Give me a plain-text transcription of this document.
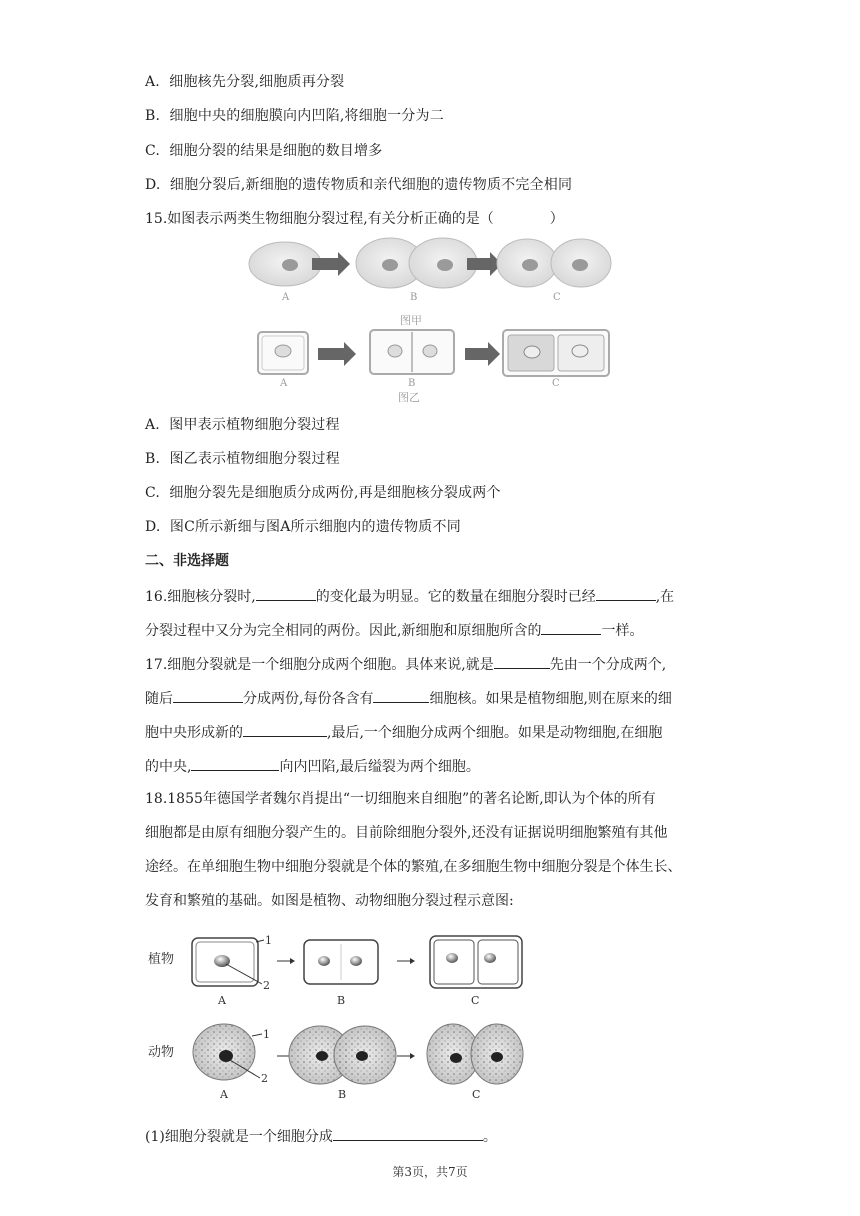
A. 细胞核先分裂,细胞质再分裂
B. 细胞中央的细胞膜向内凹陷,将细胞一分为二
C. 细胞分裂的结果是细胞的数目增多
D. 细胞分裂后,新细胞的遗传物质和亲代细胞的遗传物质不完全相同
15.如图表示两类生物细胞分裂过程,有关分析正确的是（　　　　）
A	B	C
图甲
A	B	C
图乙
A. 图甲表示植物细胞分裂过程
B. 图乙表示植物细胞分裂过程
C. 细胞分裂先是细胞质分成两份,再是细胞核分裂成两个
D. 图C所示新细与图A所示细胞内的遗传物质不同
二、非选择题
16.细胞核分裂时,	的变化最为明显。它的数量在细胞分裂时已经	,在
分裂过程中又分为完全相同的两份。因此,新细胞和原细胞所含的	一样。
17.细胞分裂就是一个细胞分成两个细胞。具体来说,就是	先由一个分成两个,
随后	分成两份,每份各含有	细胞核。如果是植物细胞,则在原来的细
胞中央形成新的	,最后,一个细胞分成两个细胞。如果是动物细胞,在细胞
的中央,	向内凹陷,最后缢裂为两个细胞。
18.1855年德国学者魏尔肖提出“一切细胞来自细胞”的著名论断,即认为个体的所有
细胞都是由原有细胞分裂产生的。目前除细胞分裂外,还没有证据说明细胞繁殖有其他
途经。在单细胞生物中细胞分裂就是个体的繁殖,在多细胞生物中细胞分裂是个体生长、
发育和繁殖的基础。如图是植物、动物细胞分裂过程示意图:
植物
1
2
A	B	C
动物
1
2
A	B	C
(1)细胞分裂就是一个细胞分成	。
第3页，共7页
